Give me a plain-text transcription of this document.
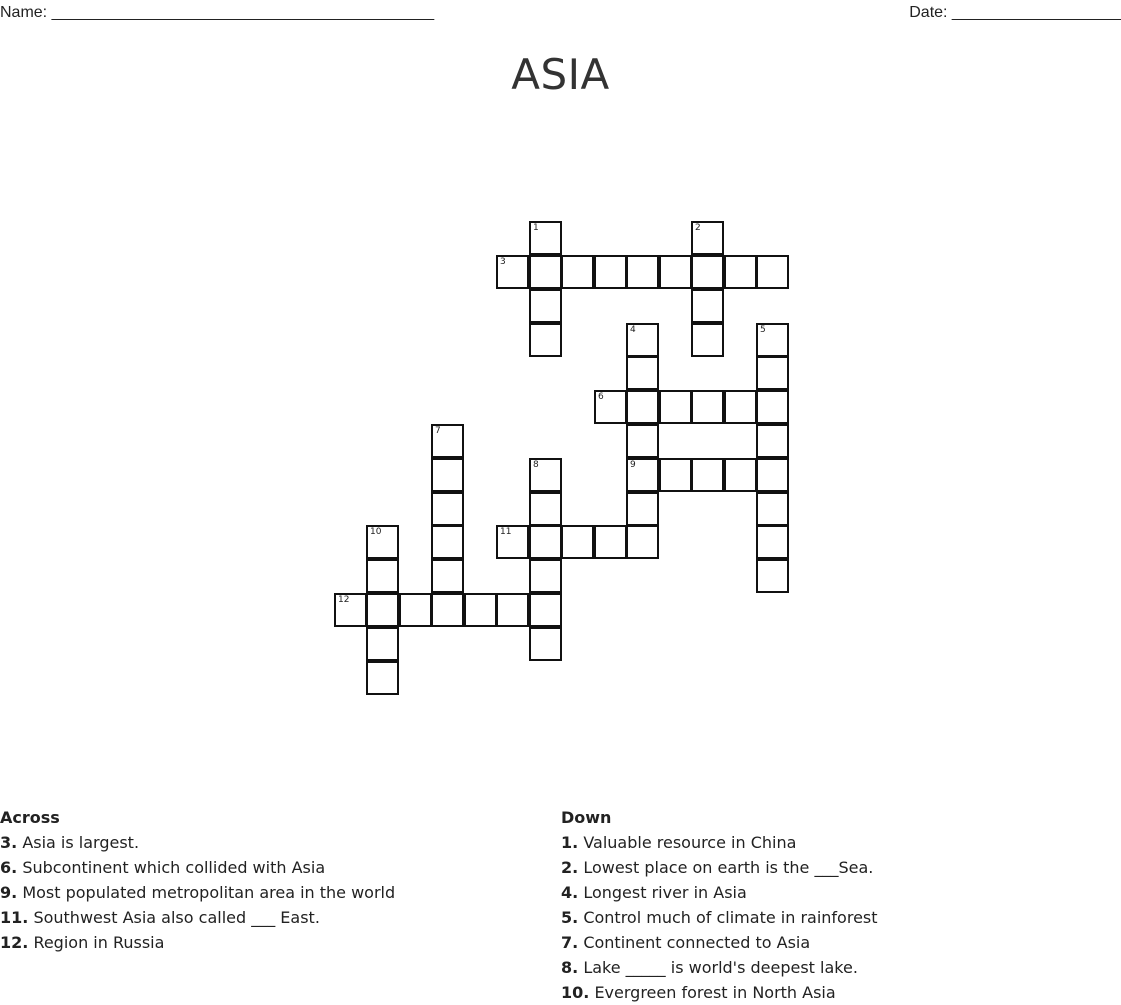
Name: ___________________________________________	Date: ___________________
ASIA
3
6
9
11
12
1	2
4	5
7
8
10
Across
3. Asia is largest.
6. Subcontinent which collided with Asia
9. Most populated metropolitan area in the world
11. Southwest Asia also called ___ East.
12. Region in Russia
Down
1. Valuable resource in China
2. Lowest place on earth is the ___Sea.
4. Longest river in Asia
5. Control much of climate in rainforest
7. Continent connected to Asia
8. Lake _____ is world's deepest lake.
10. Evergreen forest in North Asia
